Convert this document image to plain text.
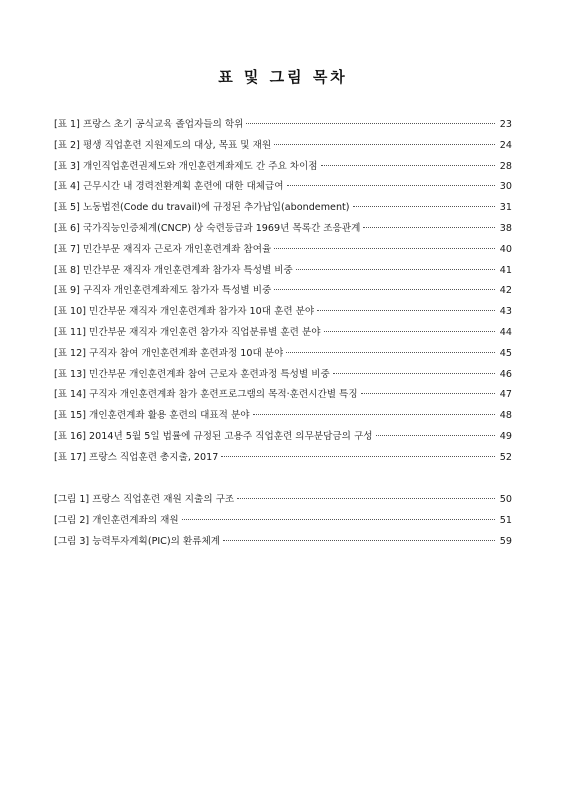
표 및 그림 목차
[표 1] 프랑스 초기 공식교육 졸업자들의 학위	23
[표 2] 평생 직업훈련 지원제도의 대상, 목표 및 재원	24
[표 3] 개인직업훈련권제도와 개인훈련계좌제도 간 주요 차이점	28
[표 4] 근무시간 내 경력전환계획 훈련에 대한 대체급여	30
[표 5] 노동법전(Code du travail)에 규정된 추가납입(abondement)	31
[표 6] 국가직능인증체계(CNCP) 상 숙련등급과 1969년 목록간 조응관계	38
[표 7] 민간부문 재직자 근로자 개인훈련계좌 참여율	40
[표 8] 민간부문 재직자 개인훈련계좌 참가자 특성별 비중	41
[표 9] 구직자 개인훈련계좌제도 참가자 특성별 비중	42
[표 10] 민간부문 재직자 개인훈련계좌 참가자 10대 훈련 분야	43
[표 11] 민간부문 재직자 개인훈련 참가자 직업분류별 훈련 분야	44
[표 12] 구직자 참여 개인훈련계좌 훈련과정 10대 분야	45
[표 13] 민간부문 개인훈련계좌 참여 근로자 훈련과정 특성별 비중	46
[표 14] 구직자 개인훈련계좌 참가 훈련프로그램의 목적·훈련시간별 특징	47
[표 15] 개인훈련계좌 활용 훈련의 대표적 분야	48
[표 16] 2014년 5월 5일 법률에 규정된 고용주 직업훈련 의무분담금의 구성	49
[표 17] 프랑스 직업훈련 총지출, 2017	52
[그림 1] 프랑스 직업훈련 재원 지출의 구조	50
[그림 2] 개인훈련계좌의 재원	51
[그림 3] 능력투자계획(PIC)의 환류체계	59
